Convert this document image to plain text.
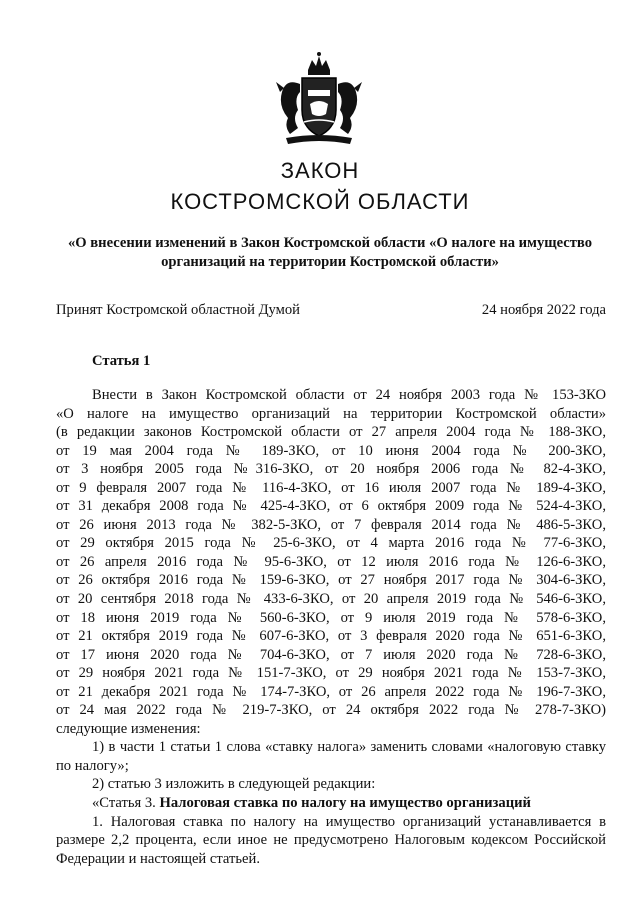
ЗАКОН
КОСТРОМСКОЙ ОБЛАСТИ
«О внесении изменений в Закон Костромской области «О налоге на имущество
организаций на территории Костромской области»
Принят Костромской областной Думой	24 ноября 2022 года
Статья 1

Внести в Закон Костромской области от 24 ноября 2003 года № 153-ЗКО

«О налоге на имущество организаций на территории Костромской области»

(в редакции законов Костромской области от 27 апреля 2004 года № 188-ЗКО,

от 19 мая 2004 года № 189-ЗКО, от 10 июня 2004 года № 200-ЗКО,

от 3 ноября 2005 года №316-ЗКО, от 20 ноября 2006 года № 82-4-ЗКО,

от 9 февраля 2007 года № 116-4-ЗКО, от 16 июля 2007 года № 189-4-ЗКО,

от 31 декабря 2008 года № 425-4-ЗКО, от 6 октября 2009 года № 524-4-ЗКО,

от 26 июня 2013 года № 382-5-ЗКО, от 7 февраля 2014 года № 486-5-ЗКО,

от 29 октября 2015 года № 25-6-ЗКО, от 4 марта 2016 года № 77-6-ЗКО,

от 26 апреля 2016 года № 95-6-ЗКО, от 12 июля 2016 года № 126-6-ЗКО,

от 26 октября 2016 года № 159-6-ЗКО, от 27 ноября 2017 года № 304-6-ЗКО,

от 20 сентября 2018 года № 433-6-ЗКО, от 20 апреля 2019 года № 546-6-ЗКО,

от 18 июня 2019 года № 560-6-ЗКО, от 9 июля 2019 года № 578-6-ЗКО,

от 21 октября 2019 года № 607-6-ЗКО, от 3 февраля 2020 года № 651-6-ЗКО,

от 17 июня 2020 года № 704-6-ЗКО, от 7 июля 2020 года № 728-6-ЗКО,

от 29 ноября 2021 года № 151-7-ЗКО, от 29 ноября 2021 года № 153-7-ЗКО,

от 21 декабря 2021 года № 174-7-ЗКО, от 26 апреля 2022 года № 196-7-ЗКО,

от 24 мая 2022 года № 219-7-ЗКО, от 24 октября 2022 года № 278-7-ЗКО)

следующие изменения:

1) в части 1 статьи 1 слова «ставку налога» заменить словами «налоговую ставку по налогу»;

2) статью 3 изложить в следующей редакции:

«Статья 3. Налоговая ставка по налогу на имущество организаций

1. Налоговая ставка по налогу на имущество организаций устанавливается в размере 2,2 процента, если иное не предусмотрено Налоговым кодексом Российской Федерации и настоящей статьей.
